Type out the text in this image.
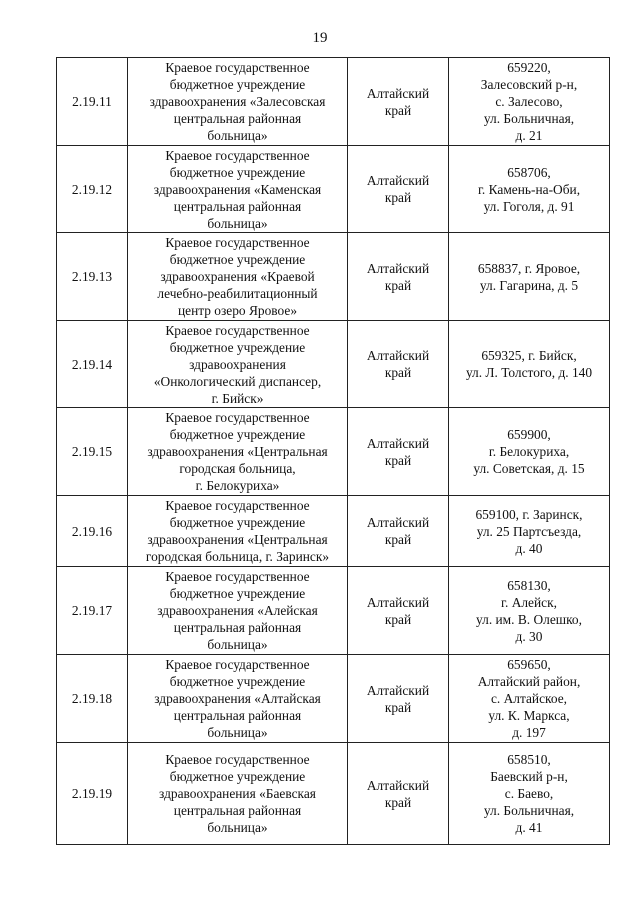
19
2.19.11	Краевое государственное
бюджетное учреждение
здравоохранения «Залесовская
центральная районная
больница»	Алтайский
край	659220,
Залесовский р-н,
с. Залесово,
ул. Больничная,
д. 21
2.19.12	Краевое государственное
бюджетное учреждение
здравоохранения «Каменская
центральная районная
больница»	Алтайский
край	658706,
г. Камень-на-Оби,
ул. Гоголя, д. 91
2.19.13	Краевое государственное
бюджетное учреждение
здравоохранения «Краевой
лечебно-реабилитационный
центр озеро Яровое»	Алтайский
край	658837, г. Яровое,
ул. Гагарина, д. 5
2.19.14	Краевое государственное
бюджетное учреждение
здравоохранения
«Онкологический диспансер,
г. Бийск»	Алтайский
край	659325, г. Бийск,
ул. Л. Толстого, д. 140
2.19.15	Краевое государственное
бюджетное учреждение
здравоохранения «Центральная
городская больница,
г. Белокуриха»	Алтайский
край	659900,
г. Белокуриха,
ул. Советская, д. 15
2.19.16	Краевое государственное
бюджетное учреждение
здравоохранения «Центральная
городская больница, г. Заринск»	Алтайский
край	659100, г. Заринск,
ул. 25 Партсъезда,
д. 40
2.19.17	Краевое государственное
бюджетное учреждение
здравоохранения «Алейская
центральная районная
больница»	Алтайский
край	658130,
г. Алейск,
ул. им. В. Олешко,
д. 30
2.19.18	Краевое государственное
бюджетное учреждение
здравоохранения «Алтайская
центральная районная
больница»	Алтайский
край	659650,
Алтайский район,
с. Алтайское,
ул. К. Маркса,
д. 197
2.19.19	Краевое государственное
бюджетное учреждение
здравоохранения «Баевская
центральная районная
больница»	Алтайский
край	658510,
Баевский р-н,
с. Баево,
ул. Больничная,
д. 41
